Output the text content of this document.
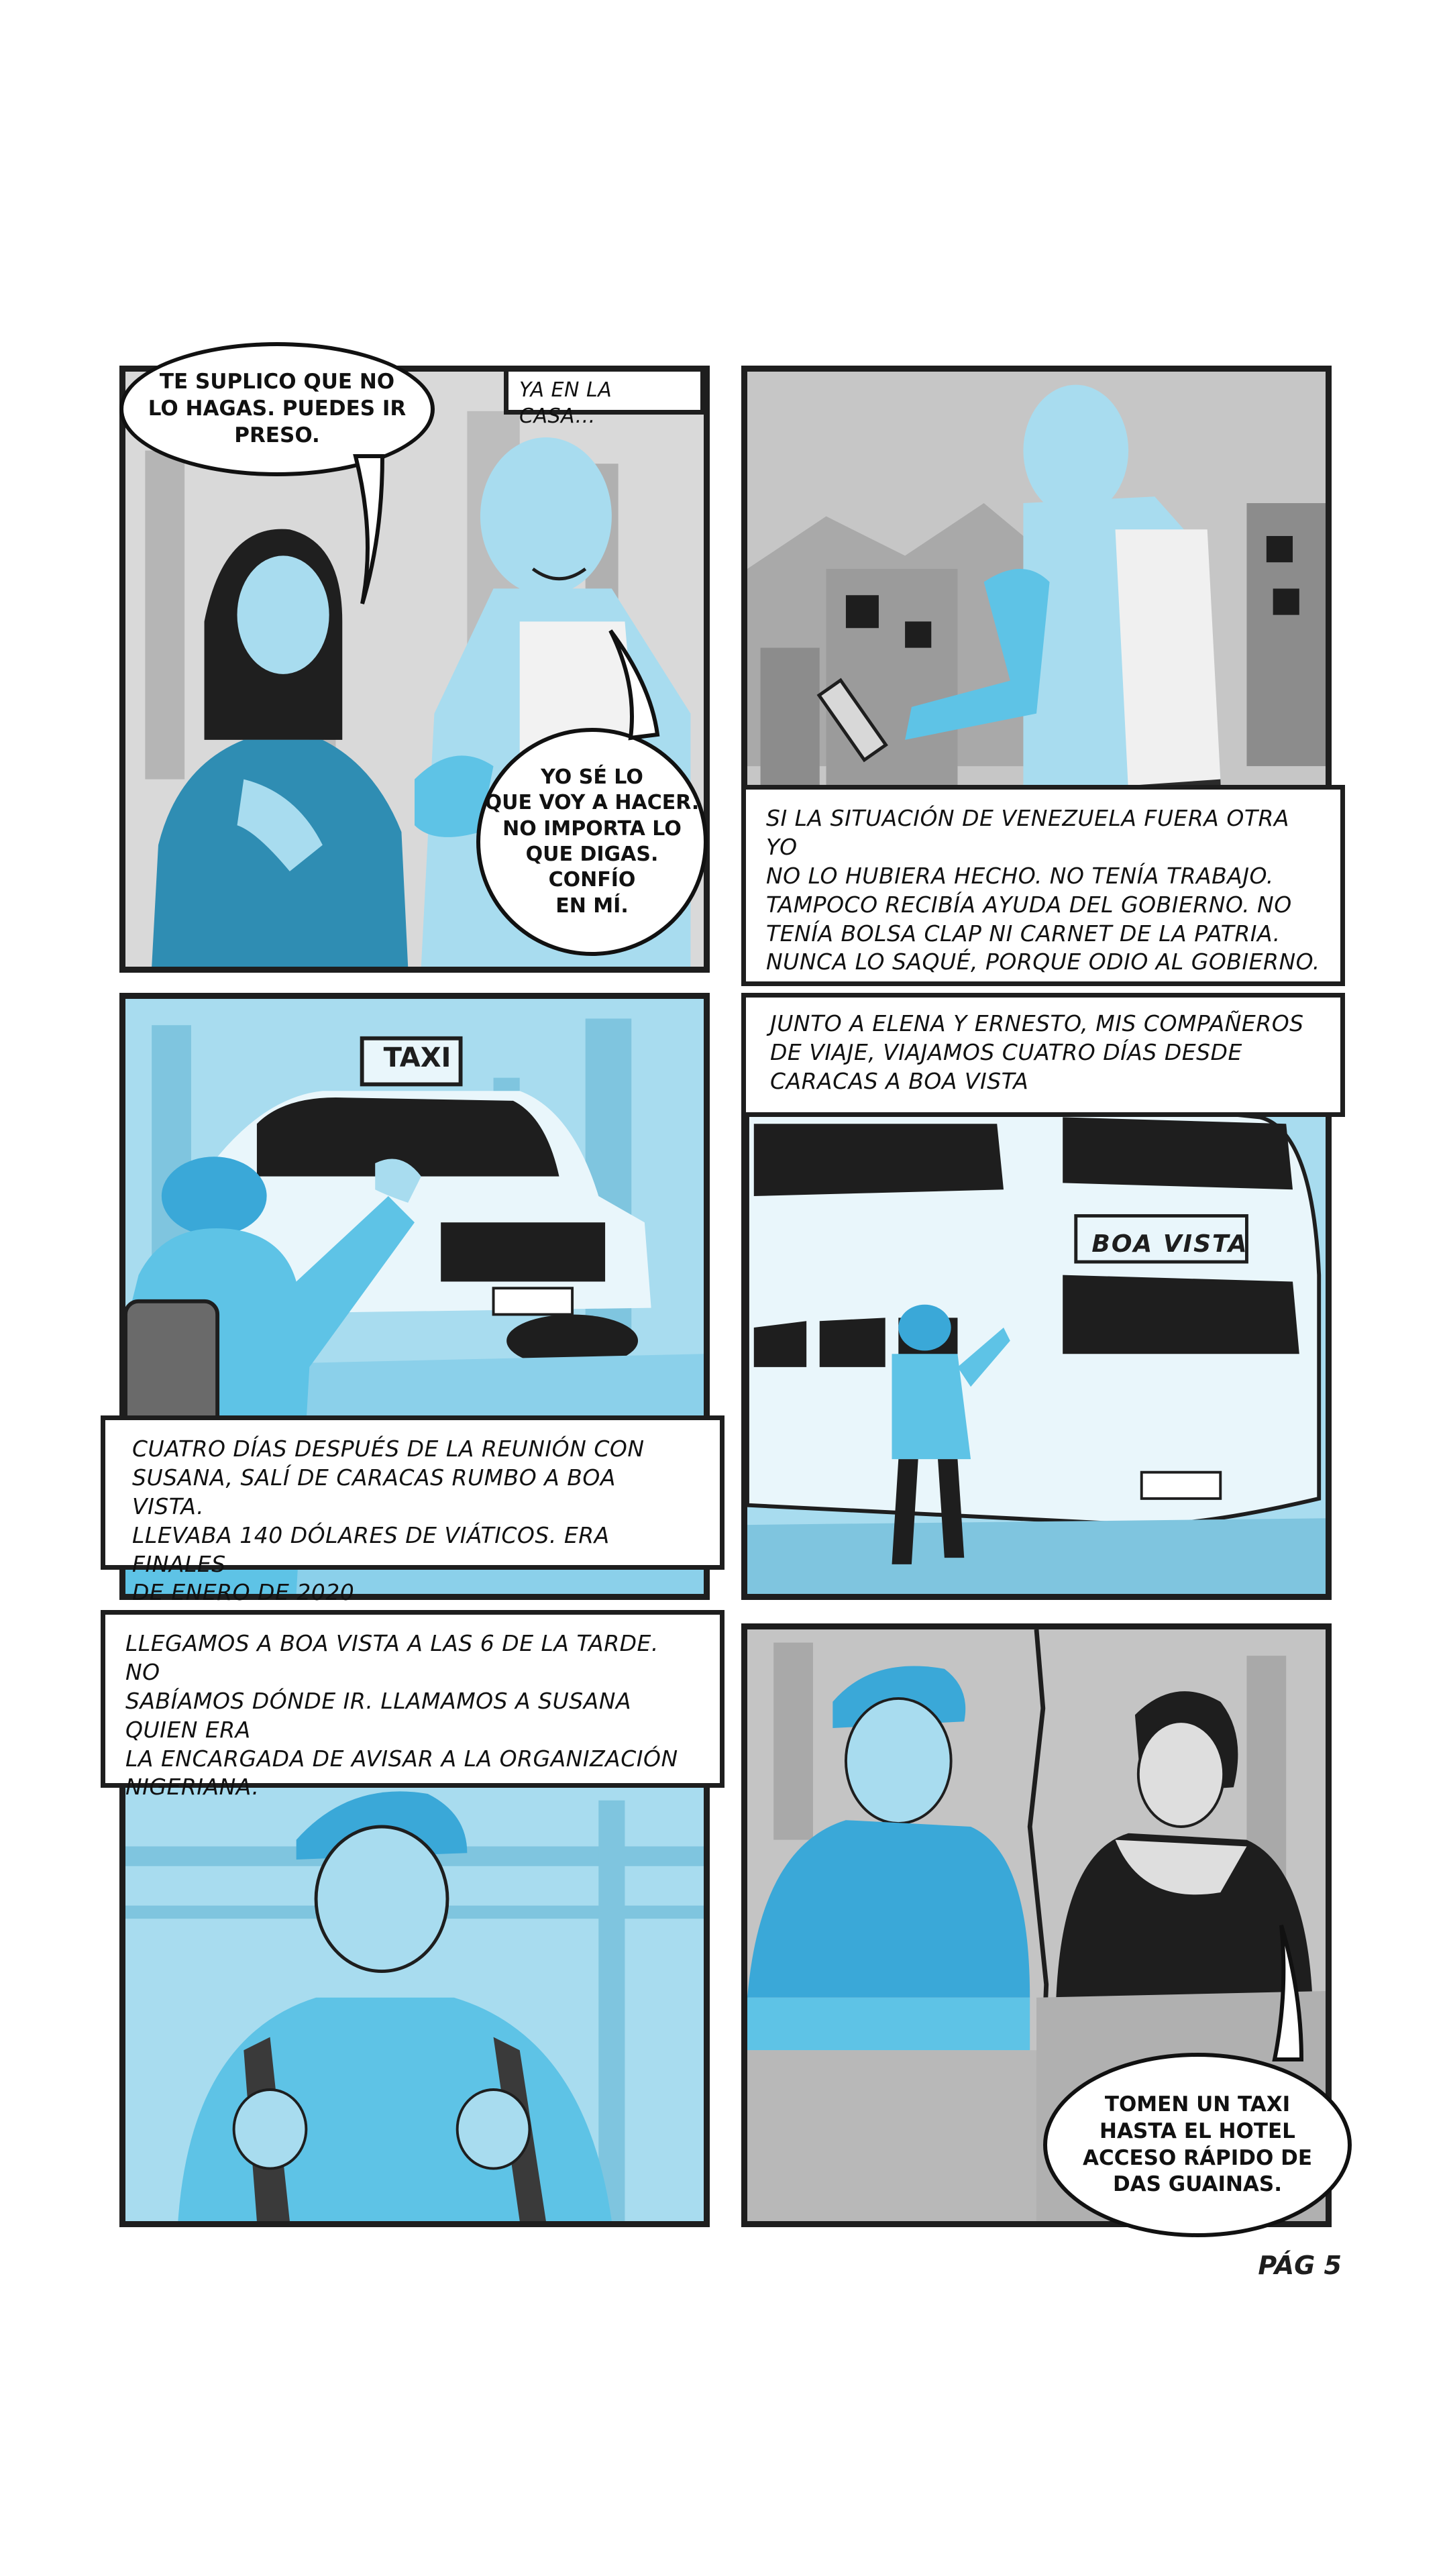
YA EN LA CASA...
TE SUPLICO QUE NO
LO HAGAS. PUEDES IR
PRESO.
YO SÉ LO
QUE VOY A HACER.
NO IMPORTA LO
QUE DIGAS.
CONFÍO
EN MÍ.
SI LA SITUACIÓN DE VENEZUELA FUERA OTRA YO
NO LO HUBIERA HECHO. NO TENÍA TRABAJO.
TAMPOCO RECIBÍA AYUDA DEL GOBIERNO. NO
TENÍA BOLSA CLAP NI CARNET DE LA PATRIA.
NUNCA LO SAQUÉ, PORQUE ODIO AL GOBIERNO.
TAXI
CUATRO DÍAS DESPUÉS DE LA REUNIÓN CON
SUSANA, SALÍ DE CARACAS RUMBO A BOA VISTA.
LLEVABA 140 DÓLARES DE VIÁTICOS. ERA FINALES
DE ENERO DE 2020
BOA VISTA
JUNTO A ELENA Y ERNESTO, MIS COMPAÑEROS
DE VIAJE, VIAJAMOS CUATRO DÍAS DESDE
CARACAS A BOA VISTA
LLEGAMOS A BOA VISTA A LAS 6 DE LA TARDE. NO
SABÍAMOS DÓNDE IR. LLAMAMOS A SUSANA QUIEN ERA
LA ENCARGADA DE AVISAR A LA ORGANIZACIÓN
NIGERIANA.
TOMEN UN TAXI
HASTA EL HOTEL
ACCESO RÁPIDO DE
DAS GUAINAS.
PÁG 5
